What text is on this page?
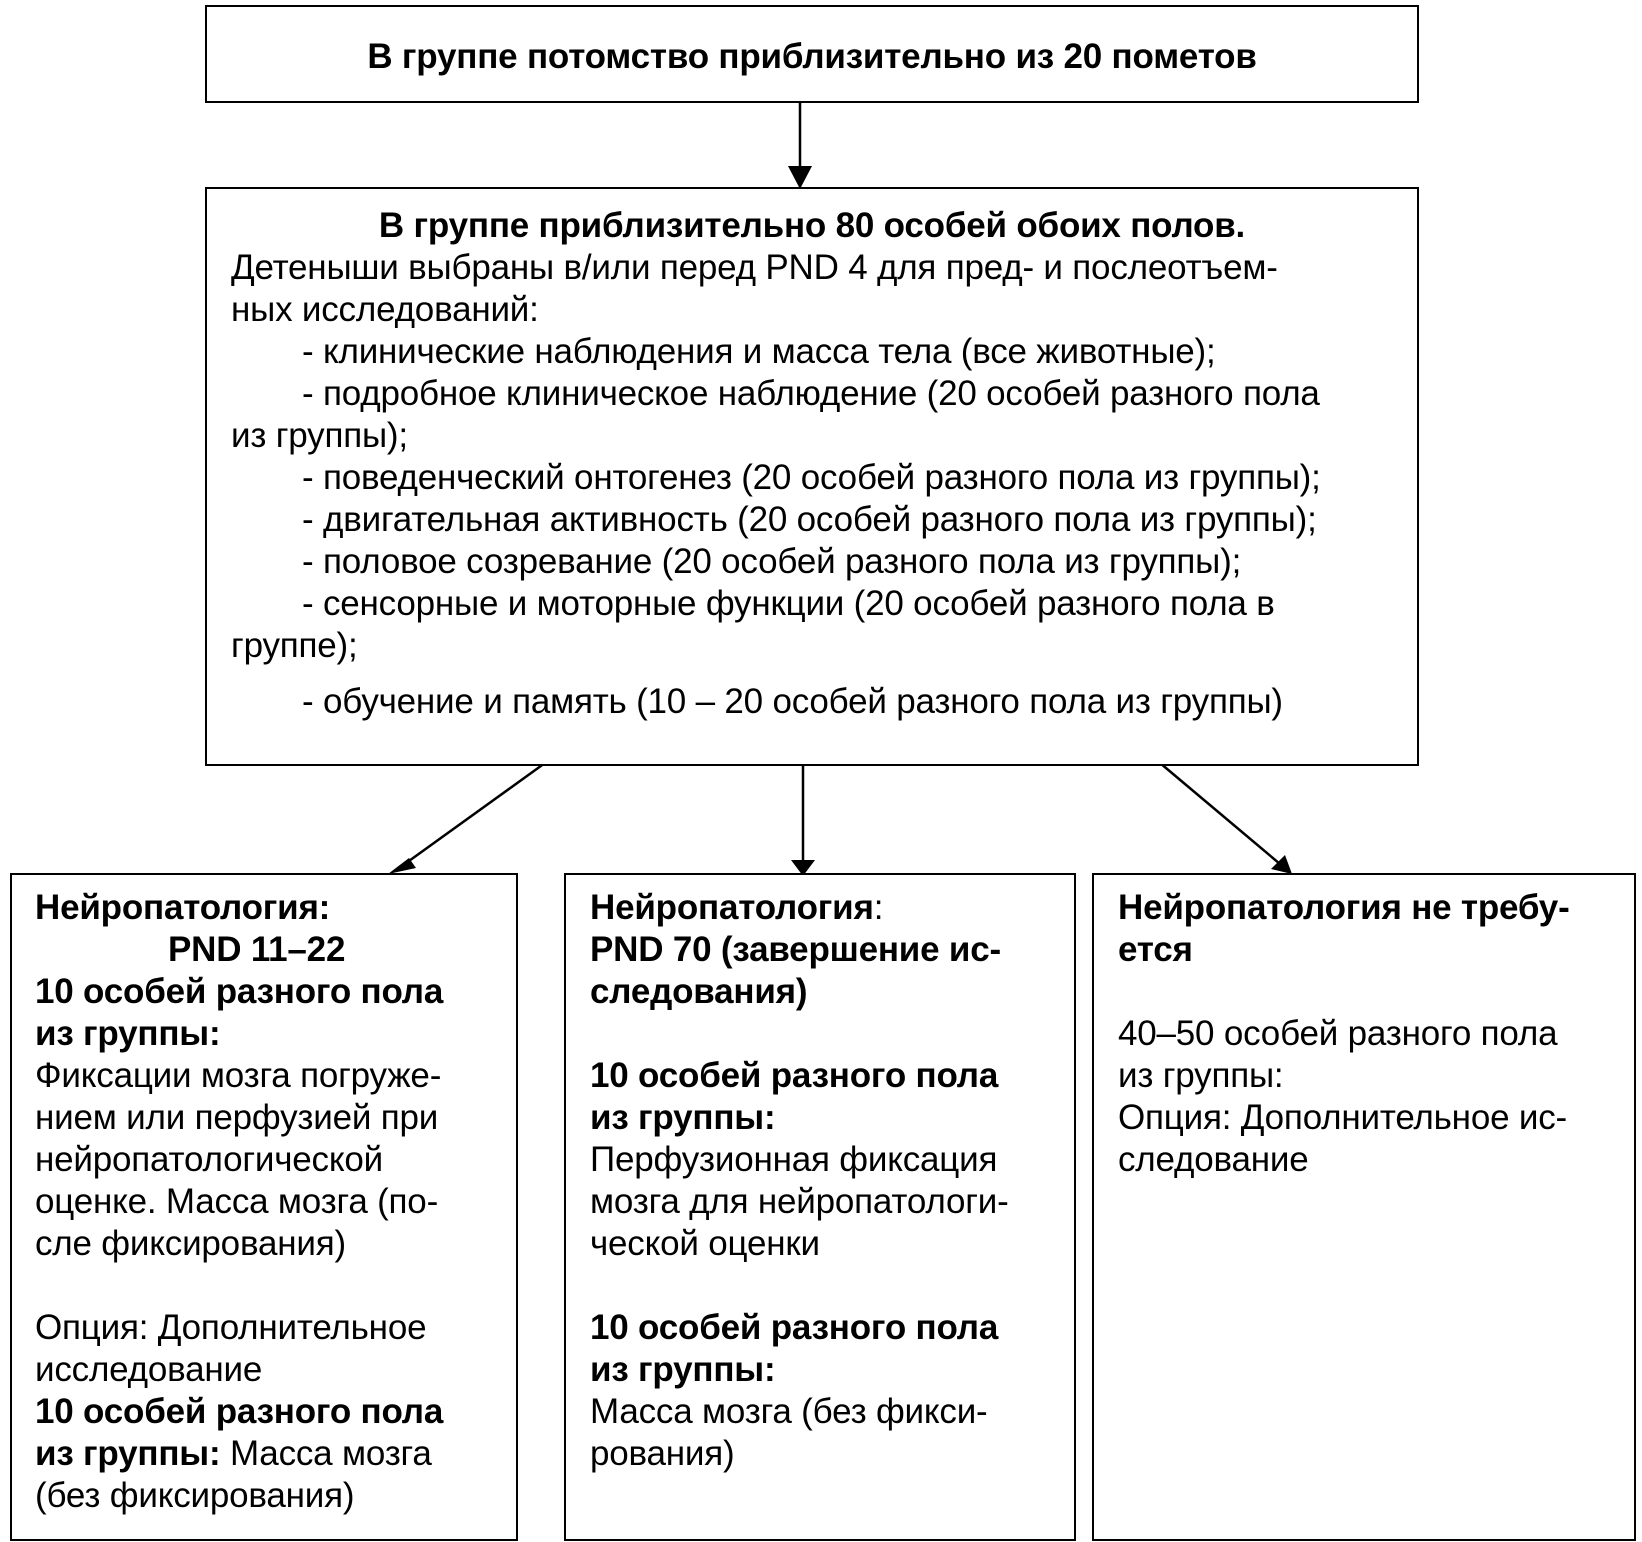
В группе потомство приблизительно из 20 пометов
В группе приблизительно 80 особей обоих полов.
Детеныши выбраны в/или перед PND 4 для пред- и послеотъем-
ных исследований:
- клинические наблюдения и масса тела (все животные);
- подробное клиническое наблюдение (20 особей разного пола
из группы);
- поведенческий онтогенез (20 особей разного пола из группы);
- двигательная активность (20 особей разного пола из группы);
- половое созревание (20 особей разного пола из группы);
- сенсорные и моторные функции (20 особей разного пола в
группе);
- обучение и память (10 – 20 особей разного пола из группы)
Нейропатология:
PND 11–22
10 особей разного пола
из группы:
Фиксации мозга погруже-
нием или перфузией при
нейропатологической
оценке. Масса мозга (по-
сле фиксирования)
Опция: Дополнительное
исследование
10 особей разного пола
из группы: Масса мозга
(без фиксирования)
Нейропатология:
PND 70 (завершение ис-
следования)
10 особей разного пола
из группы:
Перфузионная фиксация
мозга для нейропатологи-
ческой оценки
10 особей разного пола
из группы:
Масса мозга (без фикси-
рования)
Нейропатология не требу-
ется
40–50 особей разного пола
из группы:
Опция: Дополнительное ис-
следование
